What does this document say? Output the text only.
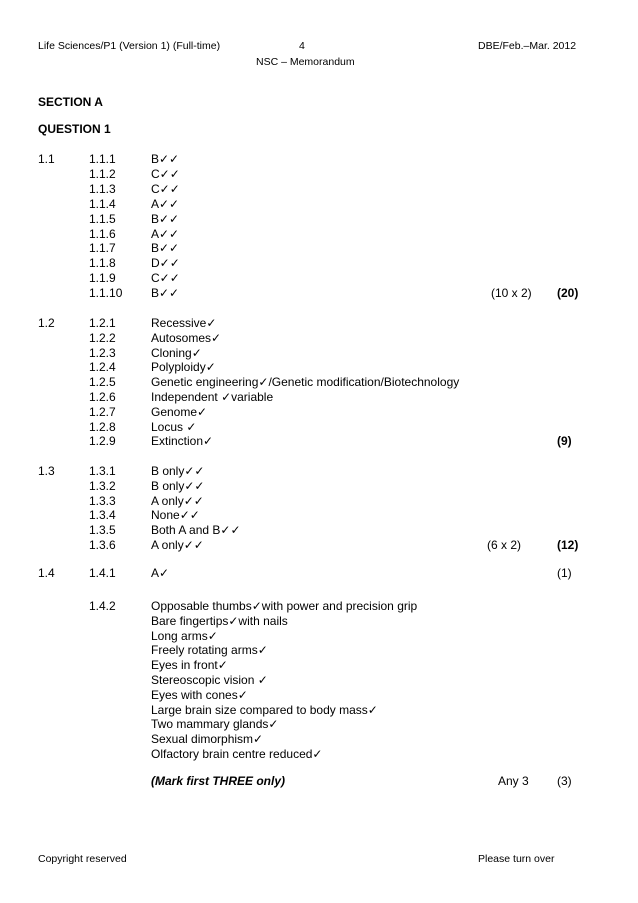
Life Sciences/P1 (Version 1) (Full-time)	4	DBE/Feb.–Mar. 2012
NSC – Memorandum
SECTION A
QUESTION 1
1.1	1.1.1	B✓✓
1.1.2	C✓✓
1.1.3	C✓✓
1.1.4	A✓✓
1.1.5	B✓✓
1.1.6	A✓✓
1.1.7	B✓✓
1.1.8	D✓✓
1.1.9	C✓✓
1.1.10 B✓✓	(10 x 2) (20)
1.2	1.2.1	Recessive✓
1.2.2	Autosomes✓
1.2.3	Cloning✓
1.2.4	Polyploidy✓
1.2.5	Genetic engineering✓/Genetic modification/Biotechnology
1.2.6	Independent ✓variable
1.2.7	Genome✓
1.2.8	Locus ✓
1.2.9	Extinction✓	(9)
1.3	1.3.1	B only✓✓
1.3.2	B only✓✓
1.3.3	A only✓✓
1.3.4	None✓✓
1.3.5	Both A and B✓✓
1.3.6	A only✓✓	(6 x 2)	(12)
1.4	1.4.1	A✓	(1)
1.4.2	Opposable thumbs✓with power and precision grip
Bare fingertips✓with nails
Long arms✓
Freely rotating arms✓
Eyes in front✓
Stereoscopic vision ✓
Eyes with cones✓
Large brain size compared to body mass✓
Two mammary glands✓
Sexual dimorphism✓
Olfactory brain centre reduced✓
(Mark first THREE only)	Any 3 (3)
Copyright reserved	Please turn over
